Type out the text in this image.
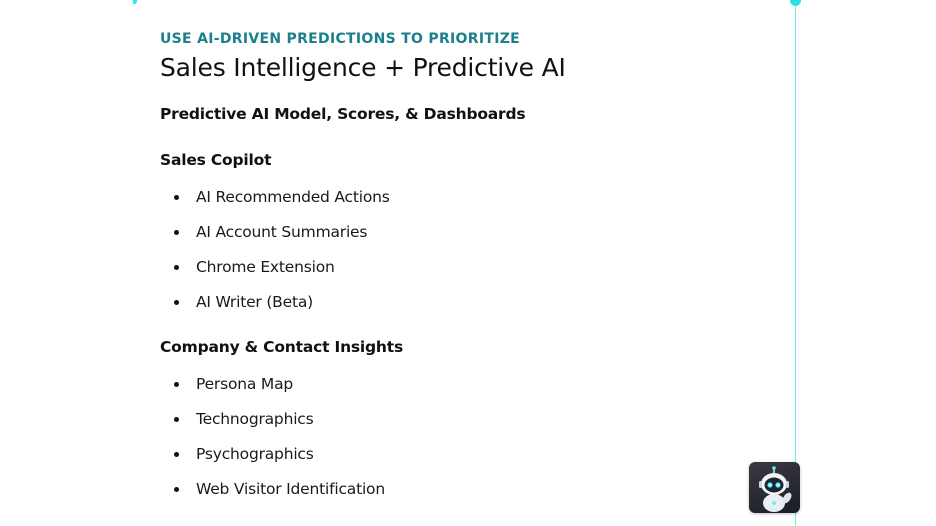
USE AI-DRIVEN PREDICTIONS TO PRIORITIZE
Sales Intelligence + Predictive AI
Predictive AI Model, Scores, & Dashboards
Sales Copilot
AI Recommended Actions
AI Account Summaries
Chrome Extension
AI Writer (Beta)
Company & Contact Insights
Persona Map
Technographics
Psychographics
Web Visitor Identification
